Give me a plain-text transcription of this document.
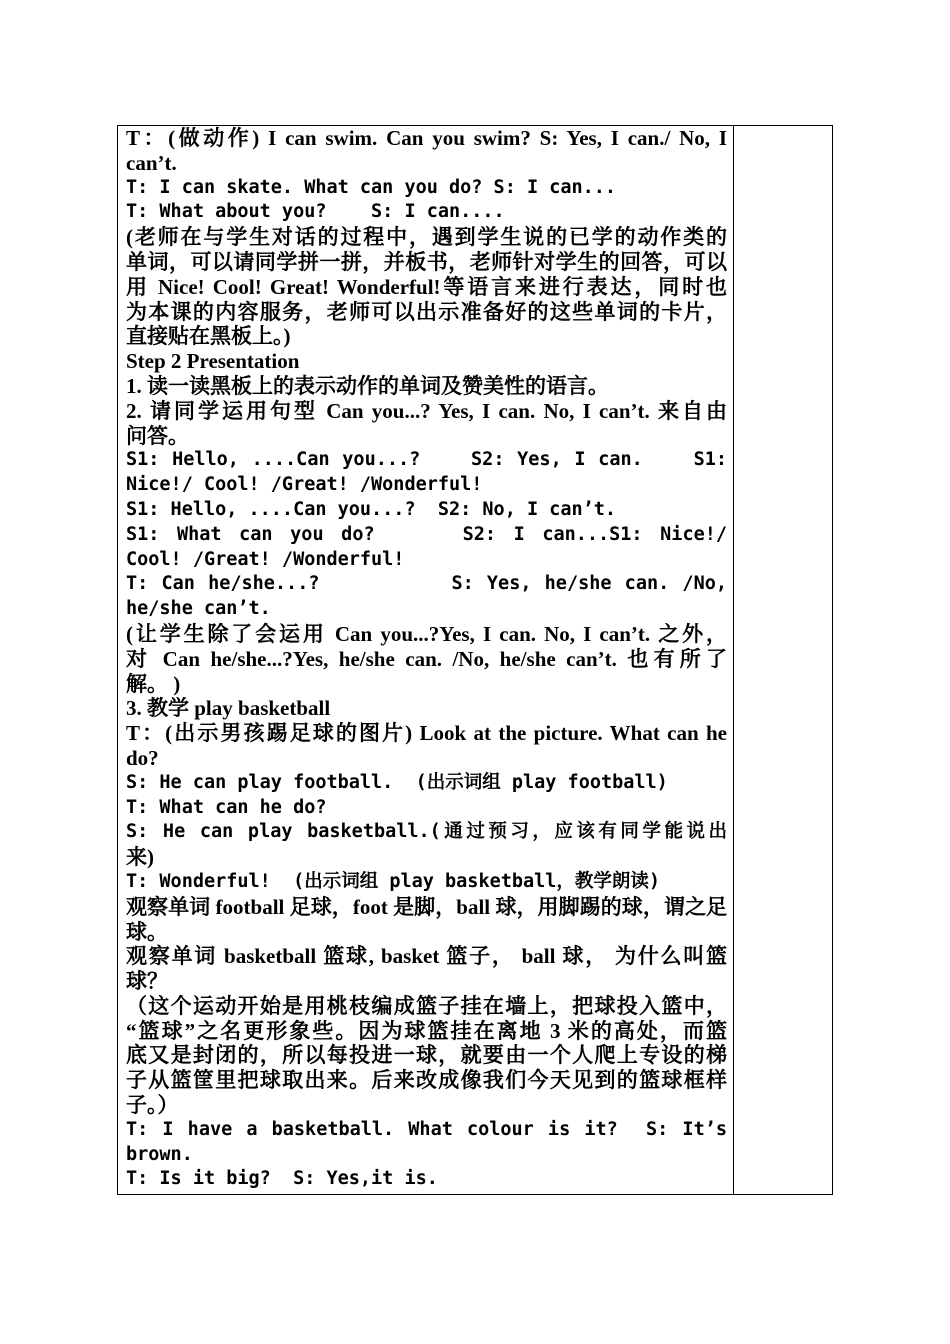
T：(做动作) I can swim. Can you swim? S: Yes, I can./ No, I
can’t.
T: I can skate. What can you do? S: I can...
T: What about you?    S: I can....
(老师在与学生对话的过程中，遇到学生说的已学的动作类的
单词，可以请同学拼一拼，并板书，老师针对学生的回答，可以
用 Nice! Cool! Great! Wonderful!等语言来进行表达，同时也
为本课的内容服务，老师可以出示准备好的这些单词的卡片，
直接贴在黑板上。)
Step 2 Presentation
1. 读一读黑板上的表示动作的单词及赞美性的语言。
2. 请同学运用句型 Can you...? Yes, I can. No, I can’t. 来自由
问答。
S1: Hello, ....Can you...?    S2: Yes, I can.    S1:
Nice!/ Cool! /Great! /Wonderful!
S1: Hello, ....Can you...?  S2: No, I can’t.
S1: What can you do?     S2: I can...S1: Nice!/
Cool! /Great! /Wonderful!
T: Can he/she...?          S: Yes, he/she can. /No,
he/she can’t.
(让学生除了会运用 Can you...?Yes, I can. No, I can’t. 之外，
对 Can he/she...?Yes, he/she can. /No, he/she can’t. 也有所了
解。 )
3. 教学 play basketball
T：(出示男孩踢足球的图片) Look at the picture. What can he
do?
S: He can play football.  (出示词组 play football)
T: What can he do?
S: He can play basketball.(通过预习，应该有同学能说出
来)
T: Wonderful!  (出示词组 play basketball，教学朗读)
观察单词 football 足球，foot 是脚，ball 球，用脚踢的球，谓之足
球。
观察单词 basketball 篮球, basket 篮子， ball 球， 为什么叫篮
球？
（这个运动开始是用桃枝编成篮子挂在墙上，把球投入篮中，
“篮球”之名更形象些。因为球篮挂在离地 3 米的高处，而篮
底又是封闭的，所以每投进一球，就要由一个人爬上专设的梯
子从篮筐里把球取出来。后来改成像我们今天见到的篮球框样
子。）
T: I have a basketball. What colour is it?  S: It’s
brown.
T: Is it big?  S: Yes,it is.
